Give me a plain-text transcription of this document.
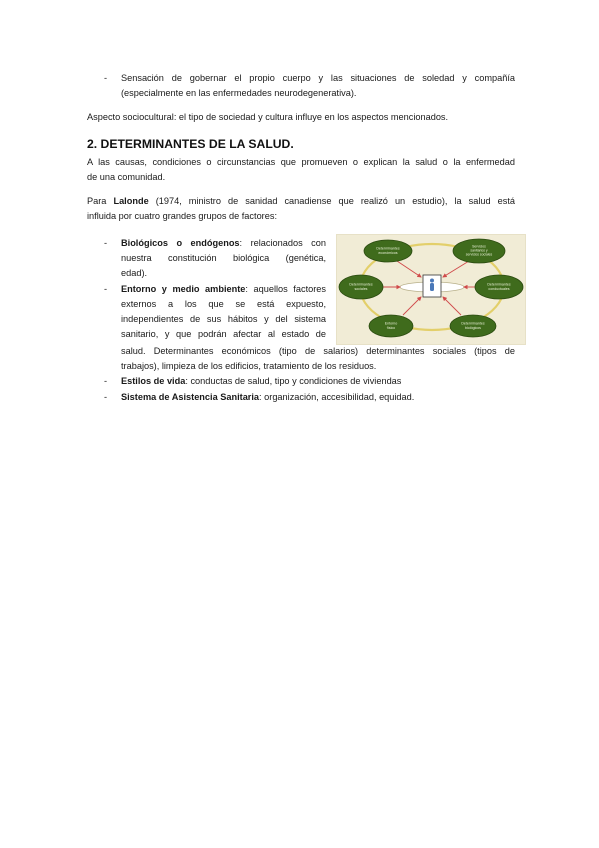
- Sensación de gobernar el propio cuerpo y las situaciones de soledad y compañía
(especialmente en las enfermedades neurodegenerativa).
Aspecto sociocultural: el tipo de sociedad y cultura influye en los aspectos mencionados.
2. DETERMINANTES DE LA SALUD.
A las causas, condiciones o circunstancias que promueven o explican la salud o la enfermedad
de una comunidad.
Para Lalonde (1974, ministro de sanidad canadiense que realizó un estudio), la salud está
influida por cuatro grandes grupos de factores:
- Biológicos o endógenos: relacionados con
nuestra constitución biológica (genética,
edad).
- Entorno y medio ambiente: aquellos factores
externos a los que se está expuesto,
independientes de sus hábitos y del sistema
sanitario, y que podrán afectar al estado de
salud. Determinantes económicos (tipo de salarios) determinantes sociales (tipos de
trabajos), limpieza de los edificios, tratamiento de los residuos.
- Estilos de vida: conductas de salud, tipo y condiciones de viviendas
- Sistema de Asistencia Sanitaria: organización, accesibilidad, equidad.
Determinantes
económicos
Servicios
sanitarios y
servicios sociales
Determinantes
sociales
Determinantes
conductuales
Entorno
físico
Determinantes
biológicos
